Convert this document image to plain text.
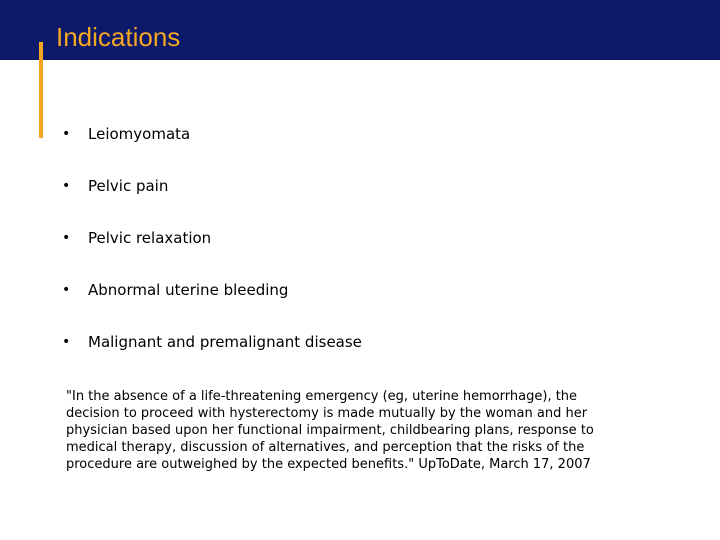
Indications
• Leiomyomata
• Pelvic pain
• Pelvic relaxation
• Abnormal uterine bleeding
• Malignant and premalignant disease

"In the absence of a life-threatening emergency (eg, uterine hemorrhage), the
decision to proceed with hysterectomy is made mutually by the woman and her
physician based upon her functional impairment, childbearing plans, response to
medical therapy, discussion of alternatives, and perception that the risks of the
procedure are outweighed by the expected benefits." UpToDate, March 17, 2007
